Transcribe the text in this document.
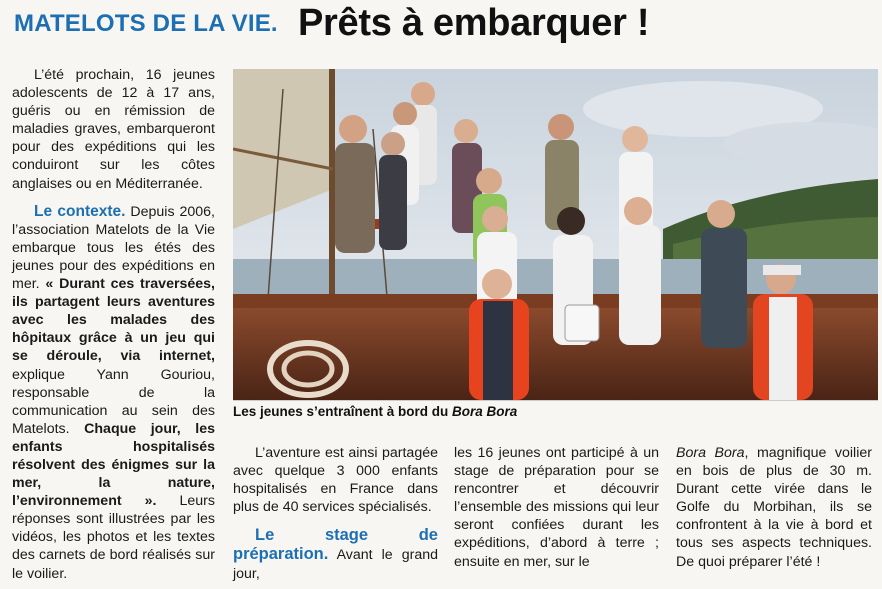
MATELOTS DE LA VIE. Prêts à embarquer !

L’été prochain, 16 jeunes adolescents de 12 à 17 ans, guéris ou en rémission de maladies graves, embarqueront pour des expéditions qui les conduiront sur les côtes anglaises ou en Méditerranée.

Le contexte. Depuis 2006, l’association Matelots de la Vie embarque tous les étés des jeunes pour des expéditions en mer. « Durant ces traversées, ils partagent leurs aventures avec les malades des hôpitaux grâce à un jeu qui se déroule, via internet, explique Yann Gouriou, responsable de la communication au sein des Matelots. Chaque jour, les enfants hospitalisés résolvent des énigmes sur la mer, la nature, l’environnement ». Leurs réponses sont illustrées par les vidéos, les photos et les textes des carnets de bord réalisés sur le voilier.

Les jeunes s’entraînent à bord du Bora Bora

L’aventure est ainsi partagée avec quelque 3 000 enfants hospitalisés en France dans plus de 40 services spécialisés.

Le stage de préparation. Avant le grand jour,

les 16 jeunes ont participé à un stage de préparation pour se rencontrer et découvrir l’ensemble des missions qui leur seront confiées durant les expéditions, d’abord à terre ; ensuite en mer, sur le

Bora Bora, magnifique voilier en bois de plus de 30 m. Durant cette virée dans le Golfe du Morbihan, ils se confrontent à la vie à bord et tous ses aspects techniques. De quoi préparer l’été !
